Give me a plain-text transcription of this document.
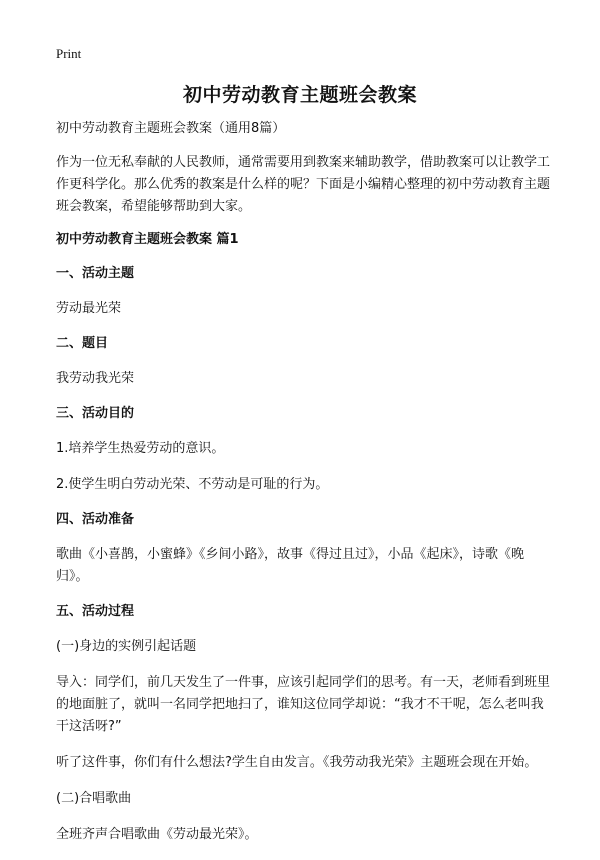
Print
初中劳动教育主题班会教案

初中劳动教育主题班会教案（通用8篇）

作为一位无私奉献的人民教师，通常需要用到教案来辅助教学，借助教案可以让教学工作更科学化。那么优秀的教案是什么样的呢？下面是小编精心整理的初中劳动教育主题班会教案，希望能够帮助到大家。

初中劳动教育主题班会教案 篇1
一、活动主题

劳动最光荣

二、题目

我劳动我光荣

三、活动目的

1.培养学生热爱劳动的意识。

2.使学生明白劳动光荣、不劳动是可耻的行为。

四、活动准备

歌曲《小喜鹊，小蜜蜂》《乡间小路》，故事《得过且过》，小品《起床》，诗歌《晚归》。

五、活动过程

(一)身边的实例引起话题

导入：同学们，前几天发生了一件事，应该引起同学们的思考。有一天，老师看到班里的地面脏了，就叫一名同学把地扫了，谁知这位同学却说：“我才不干呢，怎么老叫我干这活呀?”

听了这件事，你们有什么想法?学生自由发言。《我劳动我光荣》主题班会现在开始。

(二)合唱歌曲

全班齐声合唱歌曲《劳动最光荣》。
